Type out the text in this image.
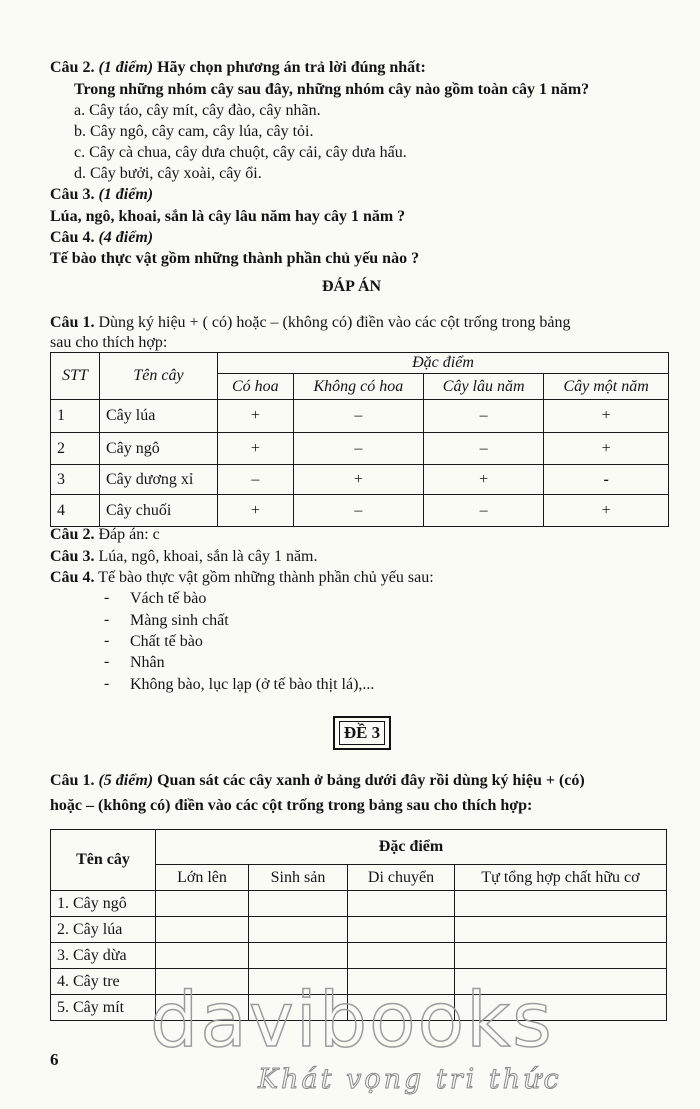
Câu 2. (1 điểm) Hãy chọn phương án trả lời đúng nhất:
Trong những nhóm cây sau đây, những nhóm cây nào gồm toàn cây 1 năm?
a. Cây táo, cây mít, cây đào, cây nhãn.
b. Cây ngô, cây cam, cây lúa, cây tỏi.
c. Cây cà chua, cây dưa chuột, cây cải, cây dưa hấu.
d. Cây bưởi, cây xoài, cây ổi.
Câu 3. (1 điểm)
Lúa, ngô, khoai, sắn là cây lâu năm hay cây 1 năm ?
Câu 4. (4 điểm)
Tế bào thực vật gồm những thành phần chủ yếu nào ?
ĐÁP ÁN
Câu 1. Dùng ký hiệu + ( có) hoặc – (không có) điền vào các cột trống trong bảng
sau cho thích hợp:
STT	Tên cây	Đặc điểm			
		Có hoa	Không có hoa	Cây lâu năm	Cây một năm
1	Cây lúa	+	–	–	+
2	Cây ngô	+	–	–	+
3	Cây dương xỉ	–	+	+	-
4	Cây chuối	+	–	–	+
Câu 2. Đáp án: c
Câu 3. Lúa, ngô, khoai, sắn là cây 1 năm.
Câu 4. Tế bào thực vật gồm những thành phần chủ yếu sau:
- Vách tế bào
- Màng sinh chất
- Chất tế bào
- Nhân
- Không bào, lục lạp (ở tế bào thịt lá),...
ĐỀ 3
Câu 1. (5 điểm) Quan sát các cây xanh ở bảng dưới đây rồi dùng ký hiệu + (có)
hoặc – (không có) điền vào các cột trống trong bảng sau cho thích hợp:
Tên cây	Đặc điểm			
	Lớn lên	Sinh sản	Di chuyển	Tự tổng hợp chất hữu cơ
1. Cây ngô				
2. Cây lúa				
3. Cây dừa				
4. Cây tre				
5. Cây mít				
6 davibooks
Khát vọng tri thức
